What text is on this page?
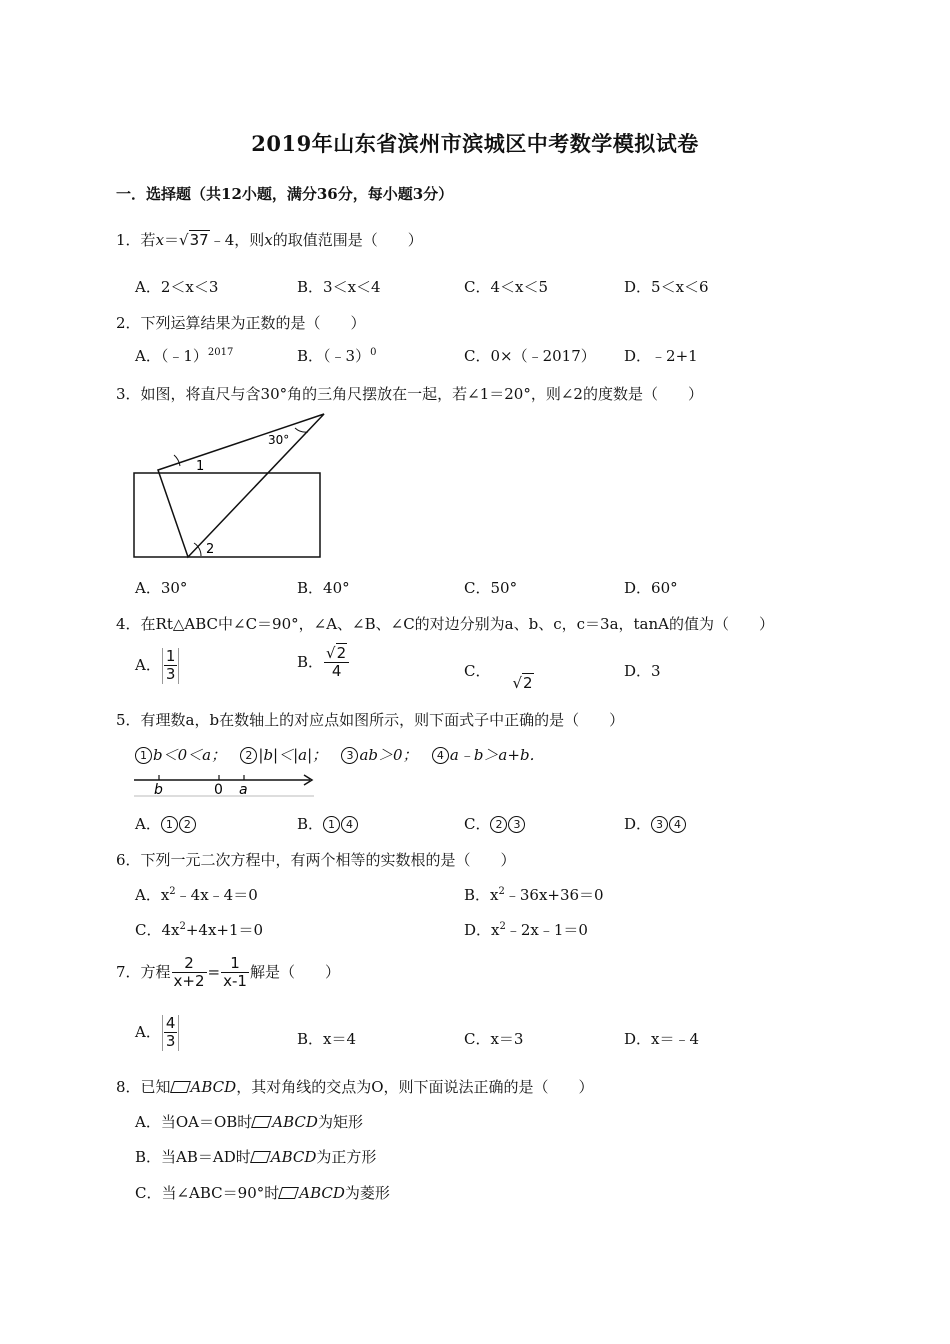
2019年山东省滨州市滨城区中考数学模拟试卷
一．选择题（共12小题，满分36分，每小题3分）
1．若x＝√37﹣4，则x的取值范围是（　　）
A．2＜x＜3	B．3＜x＜4	C．4＜x＜5	D．5＜x＜6
2．下列运算结果为正数的是（　　）
A．（﹣1）$^{2017}$	B．（﹣3）$^0$	C．0×（﹣2017） D．﹣2+1
3．如图，将直尺与含30°角的三角尺摆放在一起，若∠1＝20°，则∠2的度数是（　　）
30°
1
2
A．30°	B．40°	C．50°	D．60°
4．在Rt△ABC中∠C＝90°，∠A、∠B、∠C的对边分别为a、b、c，c＝3a，tanA的值为（　　）
A． $\frac{1}{3}$	B． $\frac{√2}{4}$	C．√2
D．3
5．有理数a，b在数轴上的对应点如图所示，则下面式子中正确的是（　　）
1 b＜0＜a； 2 |b|＜|a|； 3 ab＞0； 4 a﹣b＞a+b．
b	0 a
A． 1 2	B． 1 4	C． 2 3	D． 3 4
6．下列一元二次方程中，有两个相等的实数根的是（　　）
A．$x^2﹣4x﹣4=0$	B．$x^2﹣36x+36=0$
C．$4x^2+4x+1=0$	D．$x^2﹣2x﹣1=0$
7．方程 $\frac{2}{x+2} = \frac{1}{x-1}$ 解是（　　）
A． $\frac{4}{3}$	B．x＝4	C．x＝3	D．x＝﹣4
8．已知 ABCD，其对角线的交点为O，则下面说法正确的是（　　）
A．当OA＝OB时 ABCD为矩形
B．当AB＝AD时 ABCD为正方形
C．当∠ABC＝90°时 ABCD为菱形
